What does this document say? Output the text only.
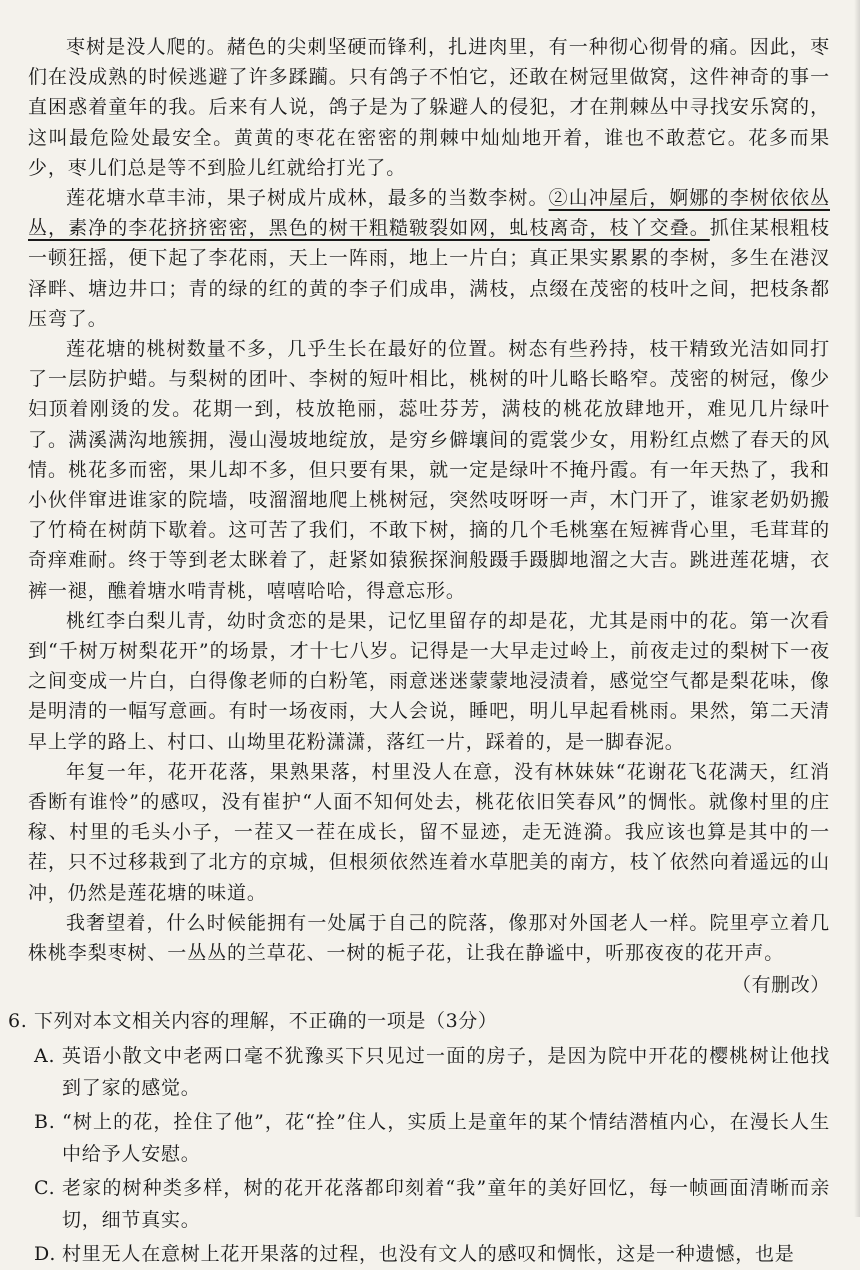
枣树是没人爬的。赭色的尖刺坚硬而锋利，扎进肉里，有一种彻心彻骨的痛。因此，枣们在没成熟的时候逃避了许多蹂躏。只有鸽子不怕它，还敢在树冠里做窝，这件神奇的事一直困惑着童年的我。后来有人说，鸽子是为了躲避人的侵犯，才在荆棘丛中寻找安乐窝的，这叫最危险处最安全。黄黄的枣花在密密的荆棘中灿灿地开着，谁也不敢惹它。花多而果少，枣儿们总是等不到脸儿红就给打光了。

莲花塘水草丰沛，果子树成片成林，最多的当数李树。②山冲屋后，婀娜的李树依依丛丛，素净的李花挤挤密密，黑色的树干粗糙皲裂如网，虬枝离奇，枝丫交叠。抓住某根粗枝一顿狂摇，便下起了李花雨，天上一阵雨，地上一片白；真正果实累累的李树，多生在港汊泽畔、塘边井口；青的绿的红的黄的李子们成串，满枝，点缀在茂密的枝叶之间，把枝条都压弯了。

莲花塘的桃树数量不多，几乎生长在最好的位置。树态有些矜持，枝干精致光洁如同打了一层防护蜡。与梨树的团叶、李树的短叶相比，桃树的叶儿略长略窄。茂密的树冠，像少妇顶着刚烫的发。花期一到，枝放艳丽，蕊吐芬芳，满枝的桃花放肆地开，难见几片绿叶了。满溪满沟地簇拥，漫山漫坡地绽放，是穷乡僻壤间的霓裳少女，用粉红点燃了春天的风情。桃花多而密，果儿却不多，但只要有果，就一定是绿叶不掩丹霞。有一年天热了，我和小伙伴窜进谁家的院墙，吱溜溜地爬上桃树冠，突然吱呀呀一声，木门开了，谁家老奶奶搬了竹椅在树荫下歇着。这可苦了我们，不敢下树，摘的几个毛桃塞在短裤背心里，毛茸茸的奇痒难耐。终于等到老太眯着了，赶紧如猿猴探涧般蹑手蹑脚地溜之大吉。跳进莲花塘，衣裤一褪，醮着塘水啃青桃，嘻嘻哈哈，得意忘形。

桃红李白梨儿青，幼时贪恋的是果，记忆里留存的却是花，尤其是雨中的花。第一次看到“千树万树梨花开”的场景，才十七八岁。记得是一大早走过岭上，前夜走过的梨树下一夜之间变成一片白，白得像老师的白粉笔，雨意迷迷蒙蒙地浸渍着，感觉空气都是梨花味，像是明清的一幅写意画。有时一场夜雨，大人会说，睡吧，明儿早起看桃雨。果然，第二天清早上学的路上、村口、山坳里花粉潇潇，落红一片，踩着的，是一脚春泥。

年复一年，花开花落，果熟果落，村里没人在意，没有林妹妹“花谢花飞花满天，红消香断有谁怜”的感叹，没有崔护“人面不知何处去，桃花依旧笑春风”的惆怅。就像村里的庄稼、村里的毛头小子，一茬又一茬在成长，留不显迹，走无涟漪。我应该也算是其中的一茬，只不过移栽到了北方的京城，但根须依然连着水草肥美的南方，枝丫依然向着遥远的山冲，仍然是莲花塘的味道。

我奢望着，什么时候能拥有一处属于自己的院落，像那对外国老人一样。院里亭立着几株桃李梨枣树、一丛丛的兰草花、一树的栀子花，让我在静谧中，听那夜夜的花开声。

（有删改）
6. 下列对本文相关内容的理解，不正确的一项是（3分）
A. 英语小散文中老两口毫不犹豫买下只见过一面的房子，是因为院中开花的樱桃树让他找到了家的感觉。
B. “树上的花，拴住了他”，花“拴”住人，实质上是童年的某个情结潜植内心，在漫长人生中给予人安慰。
C. 老家的树种类多样，树的花开花落都印刻着“我”童年的美好回忆，每一帧画面清晰而亲切，细节真实。
D. 村里无人在意树上花开果落的过程，也没有文人的感叹和惆怅，这是一种遗憾，也是
